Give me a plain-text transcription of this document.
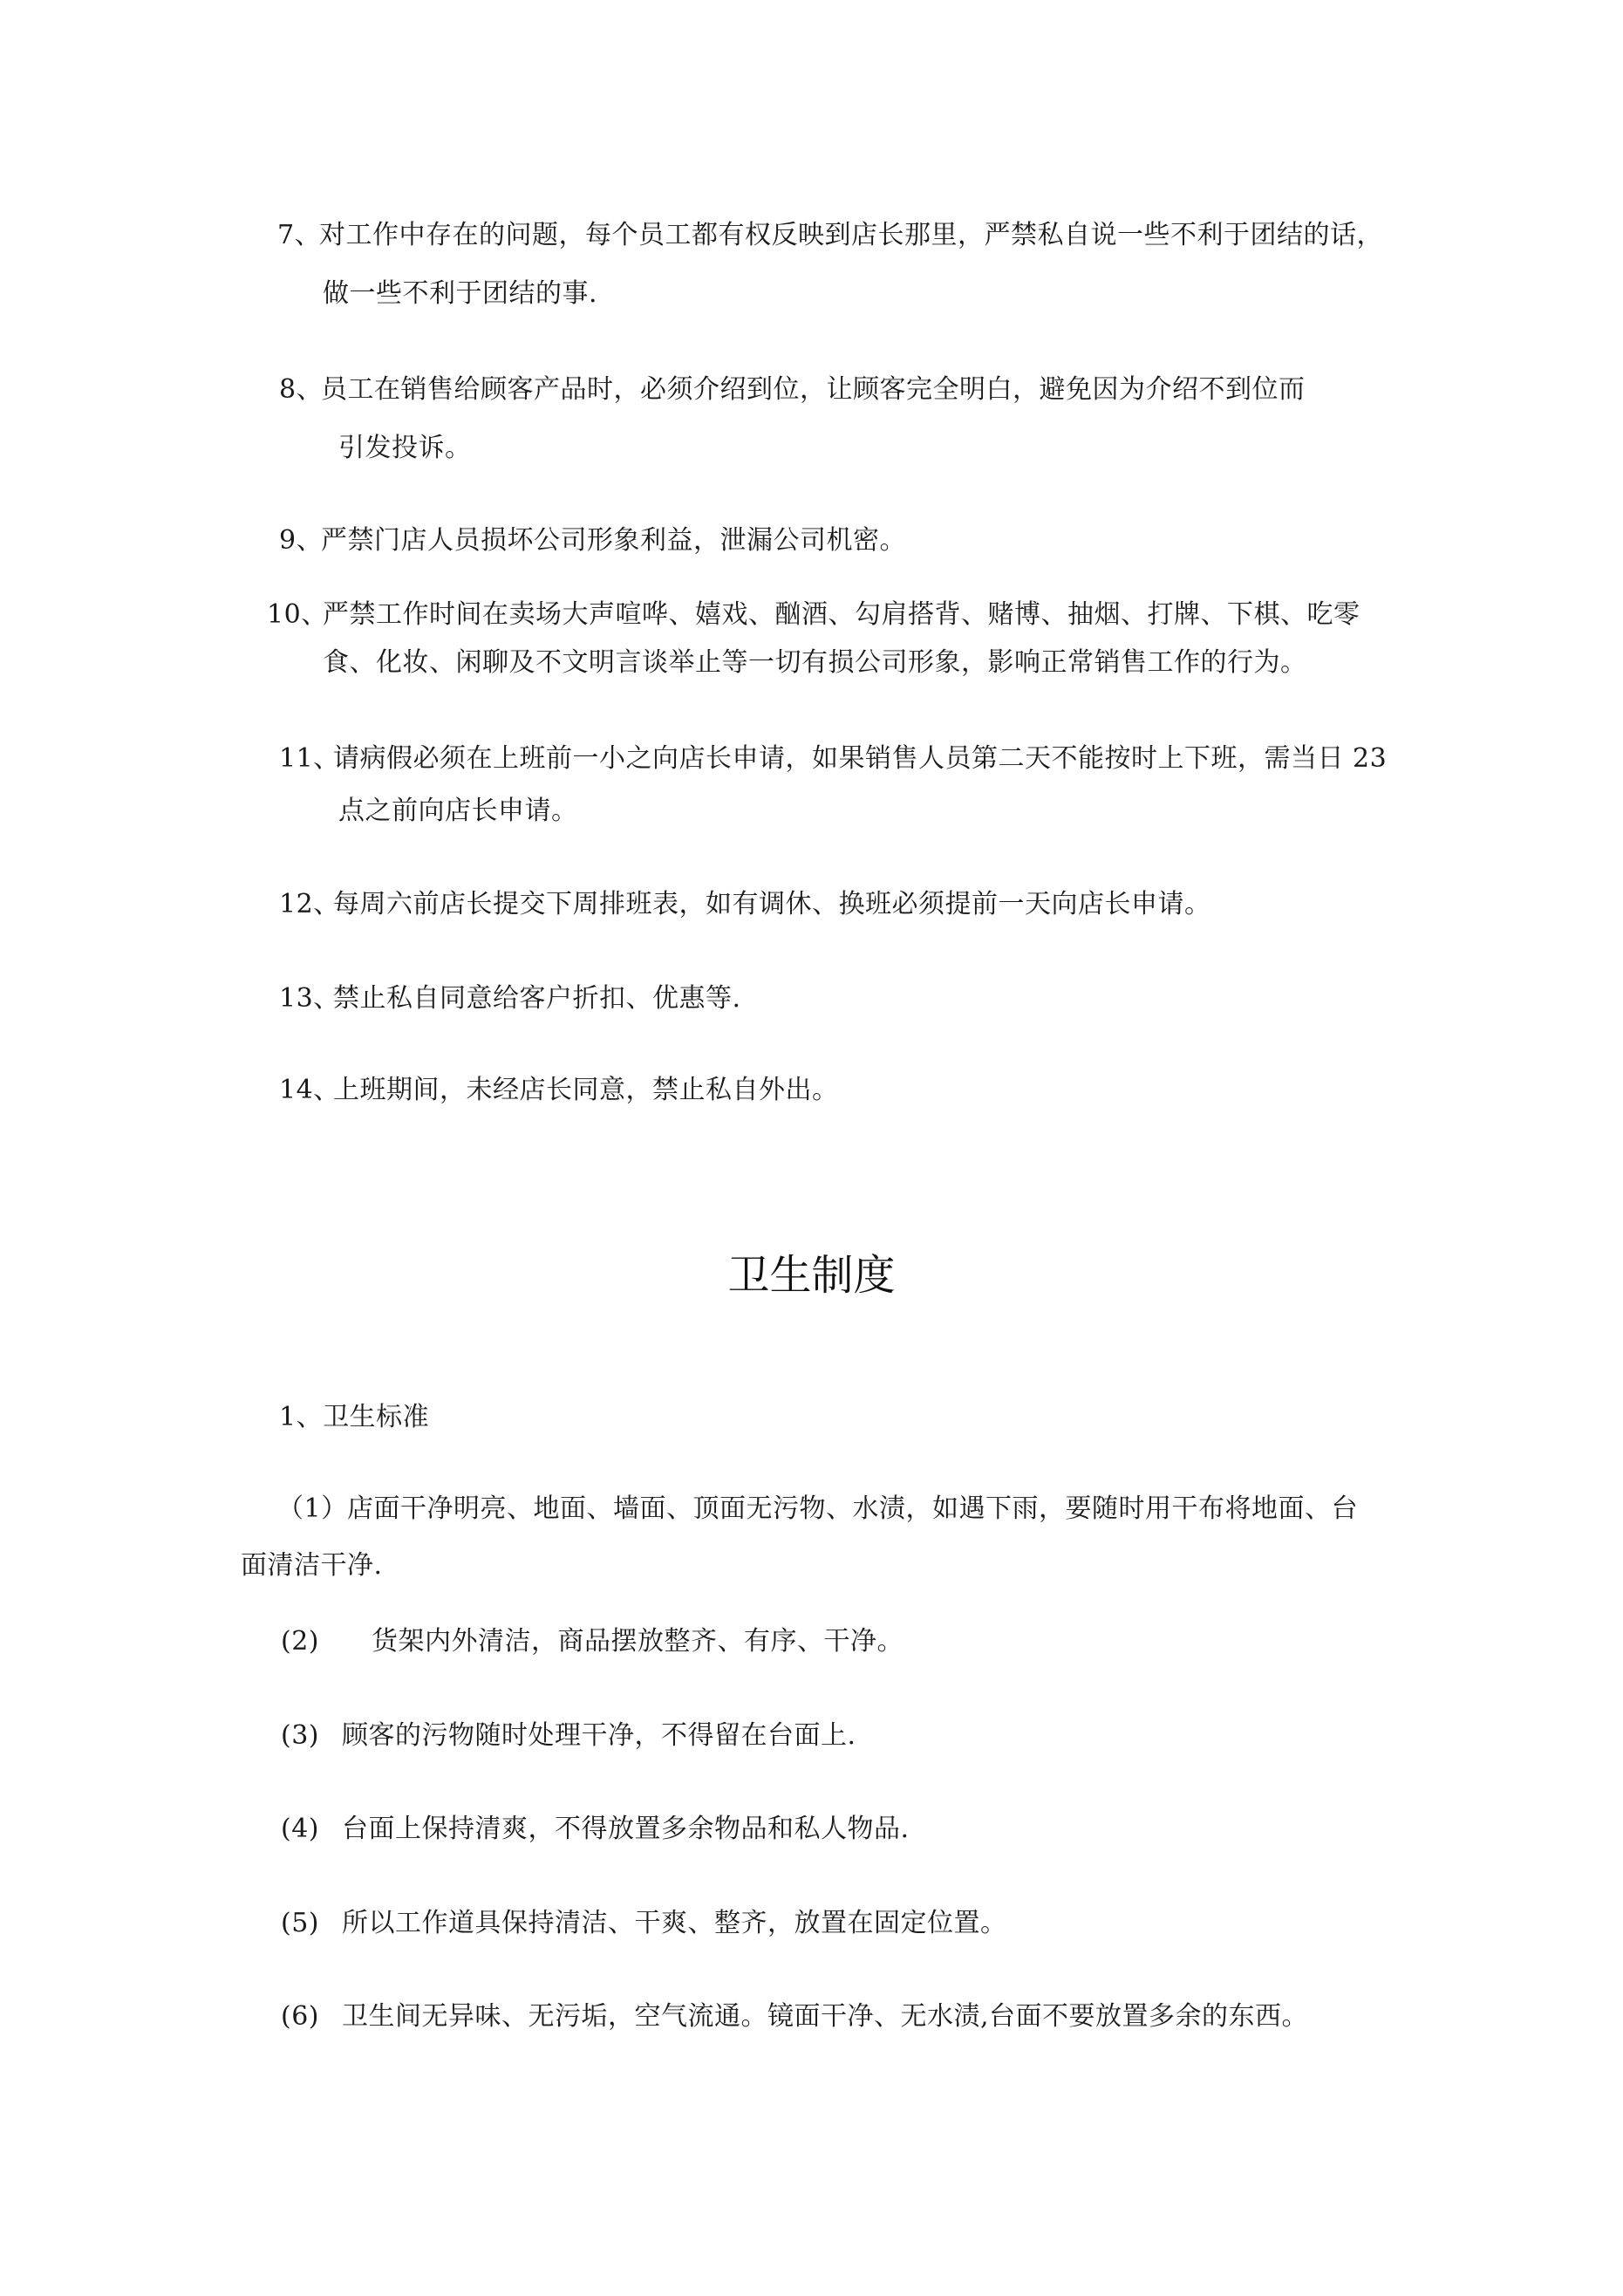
7、
对工作中存在的问题，每个员工都有权反映到店长那里，严禁私自说一些不利于团结的话，
做一些不利于团结的事.
8、
员工在销售给顾客产品时，必须介绍到位，让顾客完全明白，避免因为介绍不到位而
引发投诉。
9、
严禁门店人员损坏公司形象利益，泄漏公司机密。
10、
严禁工作时间在卖场大声喧哗、嬉戏、酗酒、勾肩搭背、赌博、抽烟、打牌、下棋、吃零
食、化妆、闲聊及不文明言谈举止等一切有损公司形象，影响正常销售工作的行为。
11、
请病假必须在上班前一小之向店长申请，如果销售人员第二天不能按时上下班，需当日 23
点之前向店长申请。
12、
每周六前店长提交下周排班表，如有调休、换班必须提前一天向店长申请。
13、
禁止私自同意给客户折扣、优惠等.
14、
上班期间，未经店长同意，禁止私自外出。
卫生制度
1、卫生标准
（1） 店面干净明亮、地面、墙面、顶面无污物、水渍，如遇下雨，要随时用干布将地面、台
面清洁干净.
(2) 货架内外清洁，商品摆放整齐、有序、干净。
(3) 顾客的污物随时处理干净，不得留在台面上.
(4) 台面上保持清爽，不得放置多余物品和私人物品.
(5) 所以工作道具保持清洁、干爽、整齐，放置在固定位置。
(6) 卫生间无异味、无污垢，空气流通。镜面干净、无水渍,台面不要放置多余的东西。
